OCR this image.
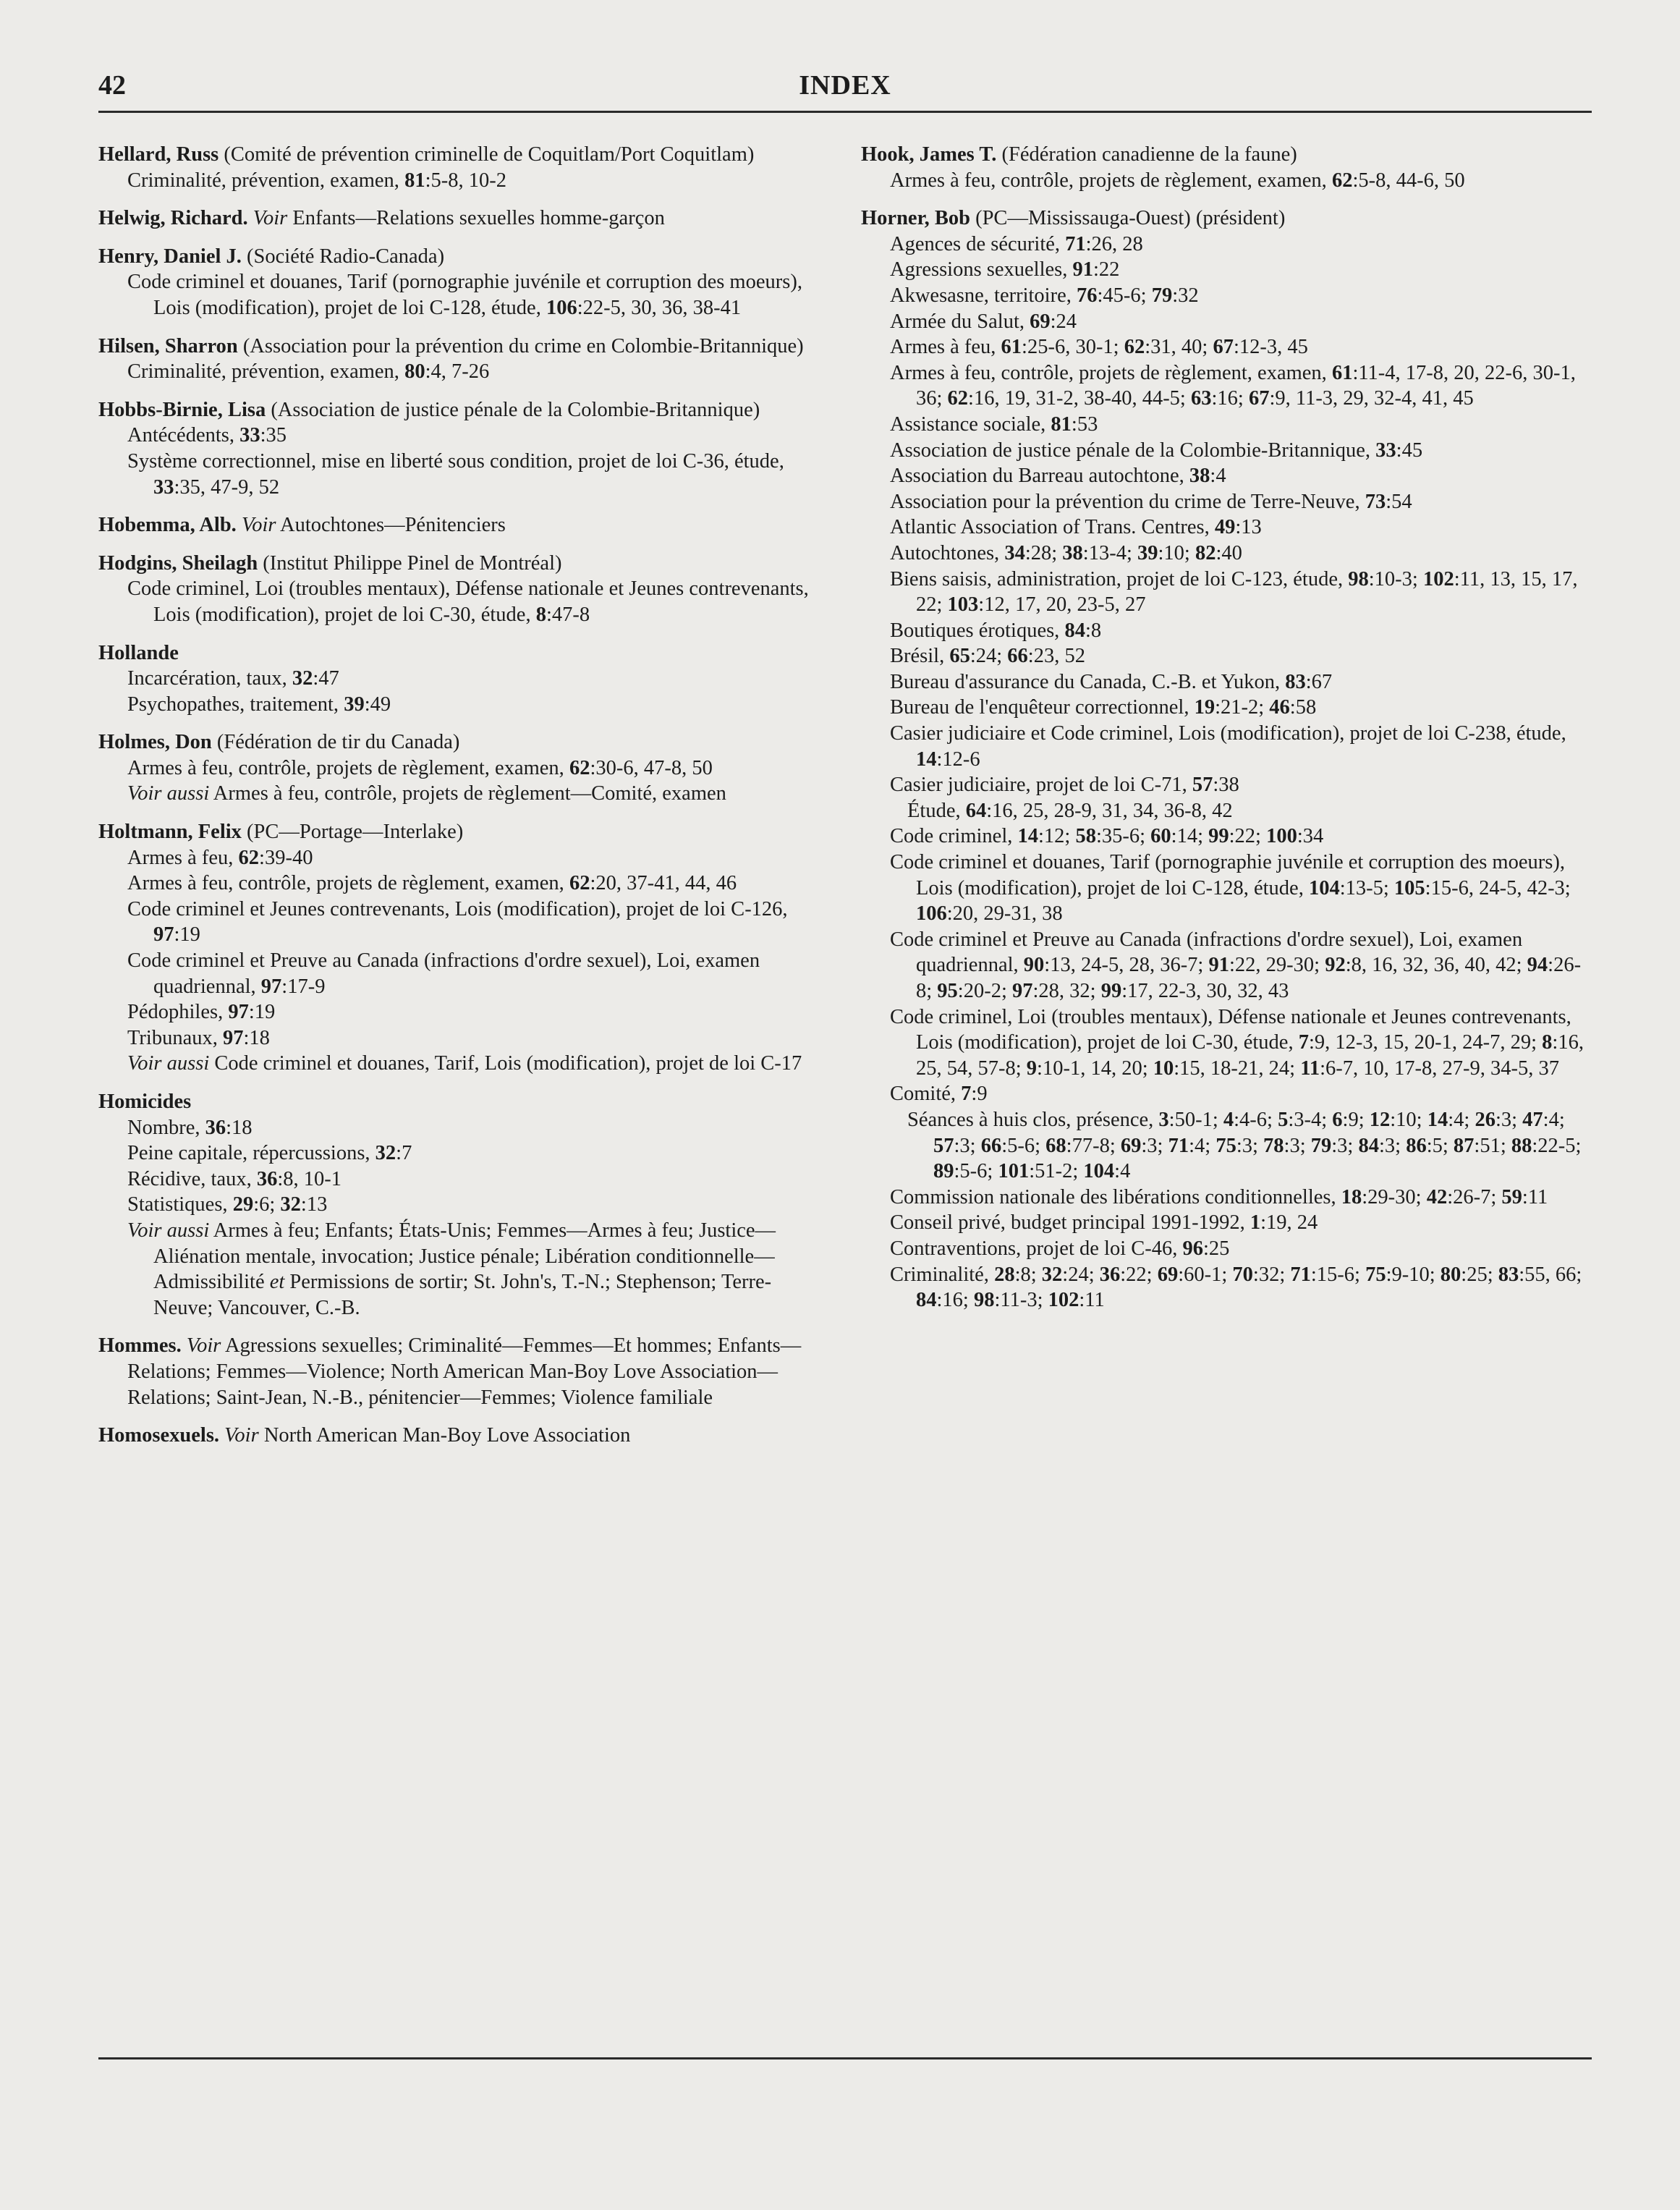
42	INDEX
Hellard, Russ (Comité de prévention criminelle de Coquitlam/Port Coquitlam)
Criminalité, prévention, examen, 81:5-8, 10-2
Helwig, Richard. Voir Enfants—Relations sexuelles homme-garçon
Henry, Daniel J. (Société Radio-Canada)
Code criminel et douanes, Tarif (pornographie juvénile et corruption des moeurs), Lois (modification), projet de loi C-128, étude, 106:22-5, 30, 36, 38-41
Hilsen, Sharron (Association pour la prévention du crime en Colombie-Britannique)
Criminalité, prévention, examen, 80:4, 7-26
Hobbs-Birnie, Lisa (Association de justice pénale de la Colombie-Britannique)
Antécédents, 33:35
Système correctionnel, mise en liberté sous condition, projet de loi C-36, étude, 33:35, 47-9, 52
Hobemma, Alb. Voir Autochtones—Pénitenciers
Hodgins, Sheilagh (Institut Philippe Pinel de Montréal)
Code criminel, Loi (troubles mentaux), Défense nationale et Jeunes contrevenants, Lois (modification), projet de loi C-30, étude, 8:47-8
Hollande
Incarcération, taux, 32:47
Psychopathes, traitement, 39:49
Holmes, Don (Fédération de tir du Canada)
Armes à feu, contrôle, projets de règlement, examen, 62:30-6, 47-8, 50
Voir aussi Armes à feu, contrôle, projets de règlement—Comité, examen
Holtmann, Felix (PC—Portage—Interlake)
Armes à feu, 62:39-40
Armes à feu, contrôle, projets de règlement, examen, 62:20, 37-41, 44, 46
Code criminel et Jeunes contrevenants, Lois (modification), projet de loi C-126, 97:19
Code criminel et Preuve au Canada (infractions d'ordre sexuel), Loi, examen quadriennal, 97:17-9
Pédophiles, 97:19
Tribunaux, 97:18
Voir aussi Code criminel et douanes, Tarif, Lois (modification), projet de loi C-17
Homicides
Nombre, 36:18
Peine capitale, répercussions, 32:7
Récidive, taux, 36:8, 10-1
Statistiques, 29:6; 32:13
Voir aussi Armes à feu; Enfants; États-Unis; Femmes—Armes à feu; Justice—Aliénation mentale, invocation; Justice pénale; Libération conditionnelle—Admissibilité et Permissions de sortir; St. John's, T.-N.; Stephenson; Terre-Neuve; Vancouver, C.-B.
Hommes. Voir Agressions sexuelles; Criminalité—Femmes—Et hommes; Enfants—Relations; Femmes—Violence; North American Man-Boy Love Association—Relations; Saint-Jean, N.-B., pénitencier—Femmes; Violence familiale
Homosexuels. Voir North American Man-Boy Love Association
Hook, James T. (Fédération canadienne de la faune)
Armes à feu, contrôle, projets de règlement, examen, 62:5-8, 44-6, 50
Horner, Bob (PC—Mississauga-Ouest) (président)
Agences de sécurité, 71:26, 28
Agressions sexuelles, 91:22
Akwesasne, territoire, 76:45-6; 79:32
Armée du Salut, 69:24
Armes à feu, 61:25-6, 30-1; 62:31, 40; 67:12-3, 45
Armes à feu, contrôle, projets de règlement, examen, 61:11-4, 17-8, 20, 22-6, 30-1, 36; 62:16, 19, 31-2, 38-40, 44-5; 63:16; 67:9, 11-3, 29, 32-4, 41, 45
Assistance sociale, 81:53
Association de justice pénale de la Colombie-Britannique, 33:45
Association du Barreau autochtone, 38:4
Association pour la prévention du crime de Terre-Neuve, 73:54
Atlantic Association of Trans. Centres, 49:13
Autochtones, 34:28; 38:13-4; 39:10; 82:40
Biens saisis, administration, projet de loi C-123, étude, 98:10-3; 102:11, 13, 15, 17, 22; 103:12, 17, 20, 23-5, 27
Boutiques érotiques, 84:8
Brésil, 65:24; 66:23, 52
Bureau d'assurance du Canada, C.-B. et Yukon, 83:67
Bureau de l'enquêteur correctionnel, 19:21-2; 46:58
Casier judiciaire et Code criminel, Lois (modification), projet de loi C-238, étude, 14:12-6
Casier judiciaire, projet de loi C-71, 57:38
Étude, 64:16, 25, 28-9, 31, 34, 36-8, 42
Code criminel, 14:12; 58:35-6; 60:14; 99:22; 100:34
Code criminel et douanes, Tarif (pornographie juvénile et corruption des moeurs), Lois (modification), projet de loi C-128, étude, 104:13-5; 105:15-6, 24-5, 42-3; 106:20, 29-31, 38
Code criminel et Preuve au Canada (infractions d'ordre sexuel), Loi, examen quadriennal, 90:13, 24-5, 28, 36-7; 91:22, 29-30; 92:8, 16, 32, 36, 40, 42; 94:26-8; 95:20-2; 97:28, 32; 99:17, 22-3, 30, 32, 43
Code criminel, Loi (troubles mentaux), Défense nationale et Jeunes contrevenants, Lois (modification), projet de loi C-30, étude, 7:9, 12-3, 15, 20-1, 24-7, 29; 8:16, 25, 54, 57-8; 9:10-1, 14, 20; 10:15, 18-21, 24; 11:6-7, 10, 17-8, 27-9, 34-5, 37
Comité, 7:9
Séances à huis clos, présence, 3:50-1; 4:4-6; 5:3-4; 6:9; 12:10; 14:4; 26:3; 47:4; 57:3; 66:5-6; 68:77-8; 69:3; 71:4; 75:3; 78:3; 79:3; 84:3; 86:5; 87:51; 88:22-5; 89:5-6; 101:51-2; 104:4
Commission nationale des libérations conditionnelles, 18:29-30; 42:26-7; 59:11
Conseil privé, budget principal 1991-1992, 1:19, 24
Contraventions, projet de loi C-46, 96:25
Criminalité, 28:8; 32:24; 36:22; 69:60-1; 70:32; 71:15-6; 75:9-10; 80:25; 83:55, 66; 84:16; 98:11-3; 102:11
